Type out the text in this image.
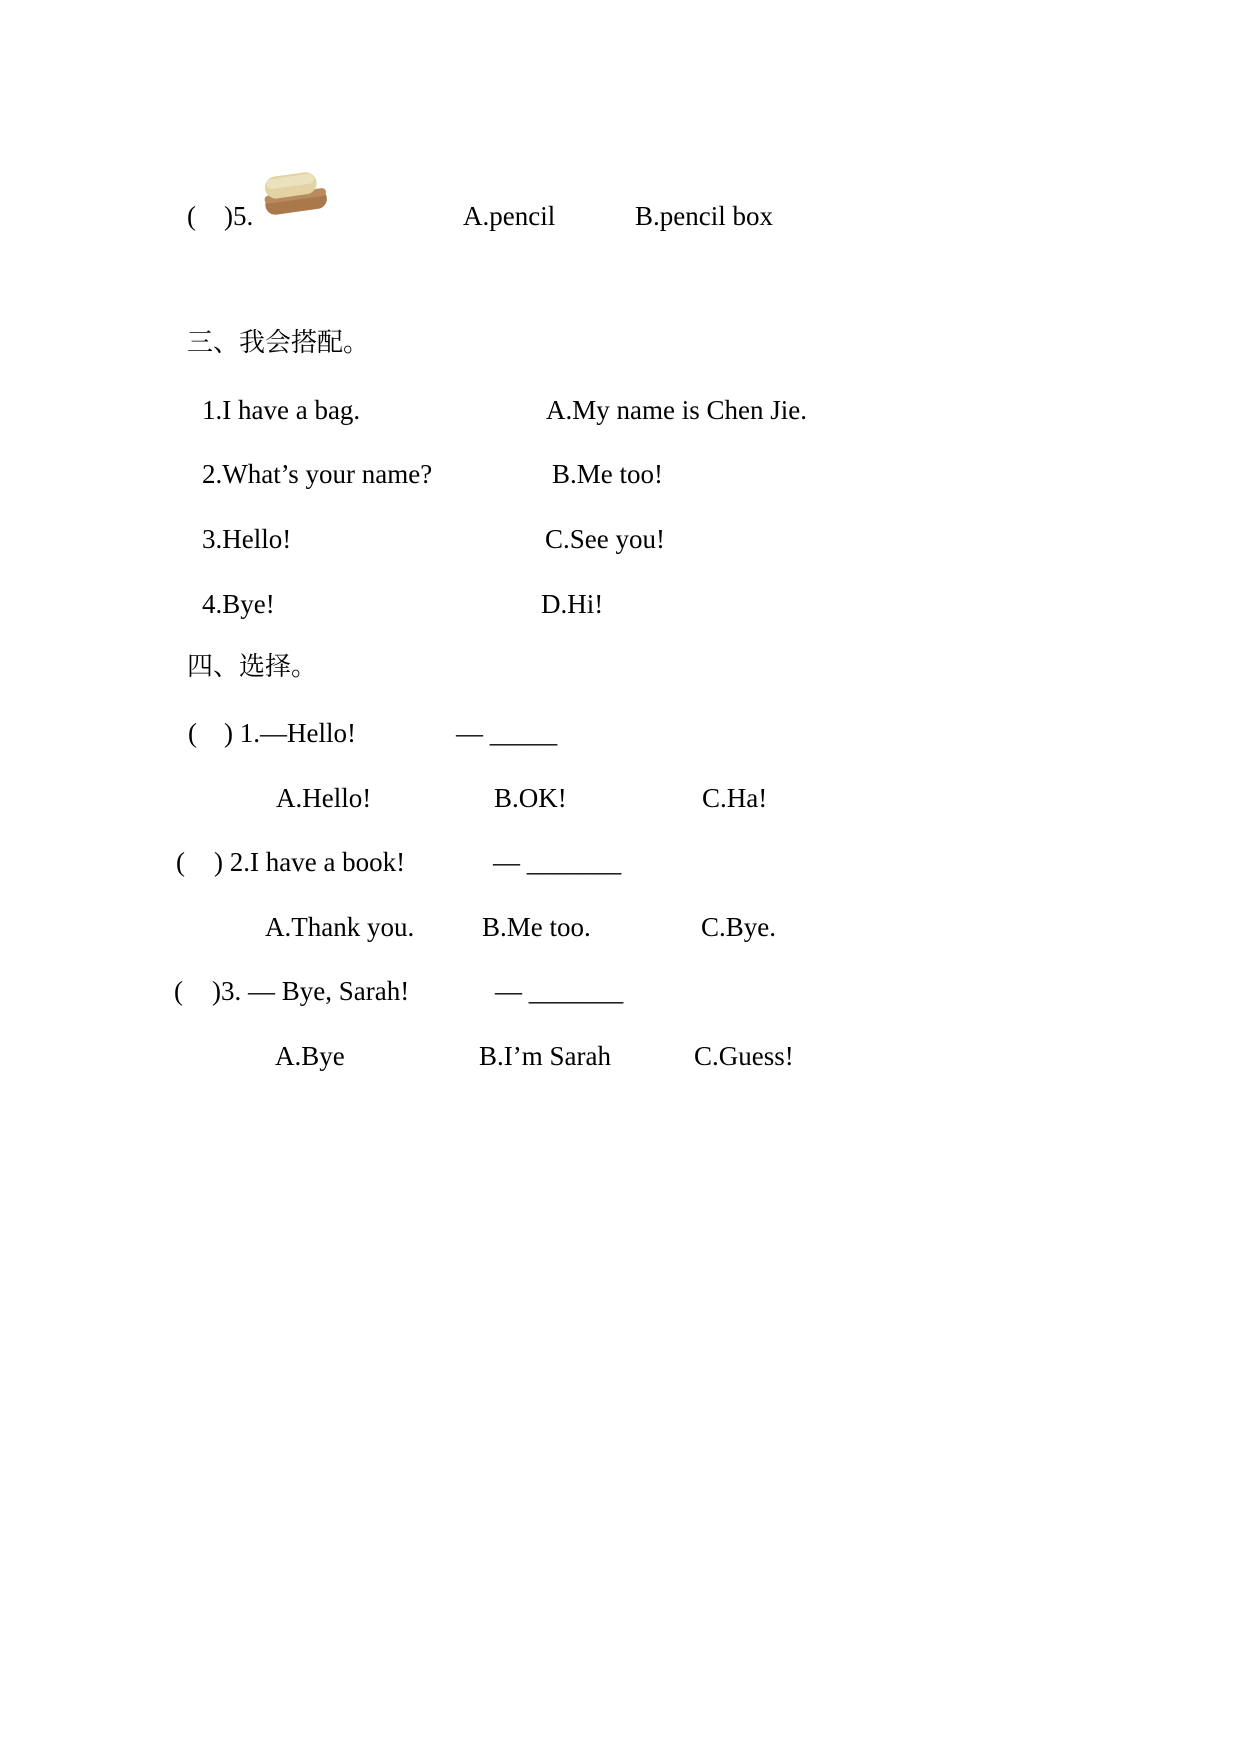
( )5.	A.pencil	B.pencil box
三、我会搭配。
1.I have a bag.	A.My name is Chen Jie.
2.What’s your name?	B.Me too!
3.Hello!	C.See you!
4.Bye!	D.Hi!
四、选择。
( ) 1.—Hello!	— _____
A.Hello!	B.OK!	C.Ha!
( ) 2.I have a book!	— _______
A.Thank you.	B.Me too.	C.Bye.
( )3. — Bye, Sarah!	— _______
A.Bye	B.I’m Sarah	C.Guess!
